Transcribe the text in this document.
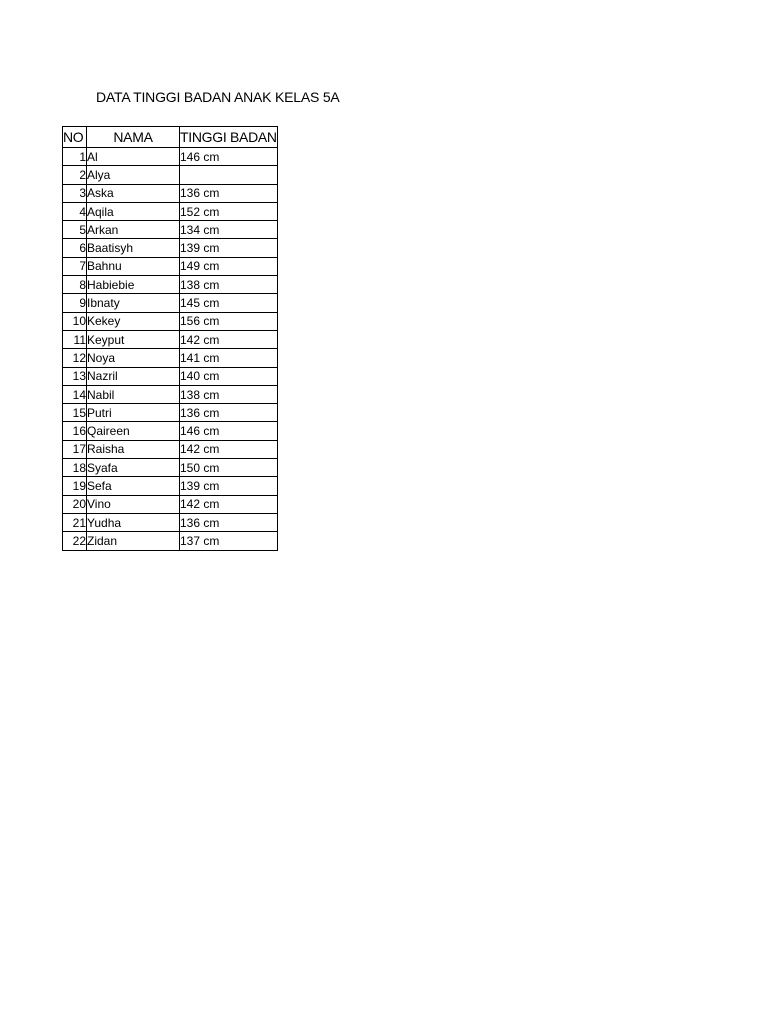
DATA TINGGI BADAN ANAK KELAS 5A
NO	NAMA	TINGGI BADAN
1	Al	146 cm
2	Alya	
3	Aska	136 cm
4	Aqila	152 cm
5	Arkan	134 cm
6	Baatisyh	139 cm
7	Bahnu	149 cm
8	Habiebie	138 cm
9	Ibnaty	145 cm
10	Kekey	156 cm
11	Keyput	142 cm
12	Noya	141 cm
13	Nazril	140 cm
14	Nabil	138 cm
15	Putri	136 cm
16	Qaireen	146 cm
17	Raisha	142 cm
18	Syafa	150 cm
19	Sefa	139 cm
20	Vino	142 cm
21	Yudha	136 cm
22	Zidan	137 cm
